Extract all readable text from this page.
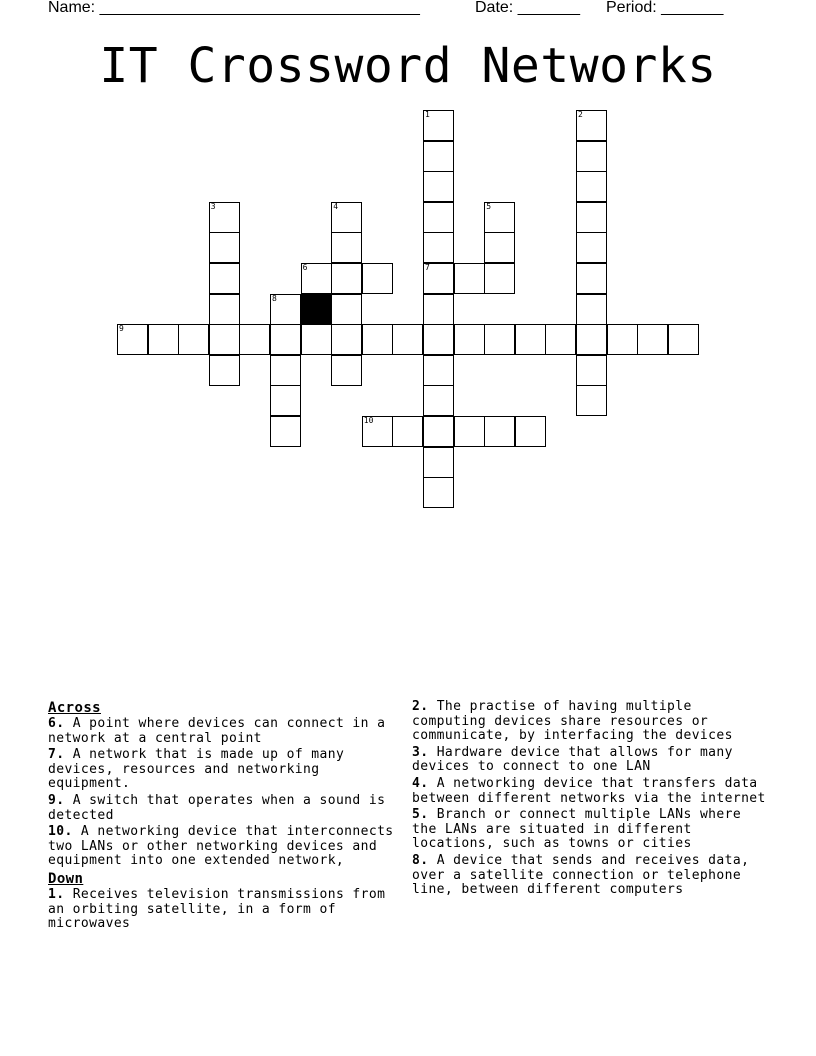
Name: ____________________________________	Date: _______ Period: _______
IT Crossword Networks
1
7
2
3	4	5
6
8
9
10
Across
6. A point where devices can connect in a network at a central point
7. A network that is made up of many devices, resources and networking equipment.
9. A switch that operates when a sound is detected
10. A networking device that interconnects two LANs or other networking devices and equipment into one extended network,
Down
1. Receives television transmissions from an orbiting satellite, in a form of microwaves
2. The practise of having multiple computing devices share resources or communicate, by interfacing the devices
3. Hardware device that allows for many devices to connect to one LAN
4. A networking device that transfers data between different networks via the internet
5. Branch or connect multiple LANs where the LANs are situated in different locations, such as towns or cities
8. A device that sends and receives data, over a satellite connection or telephone line, between different computers
